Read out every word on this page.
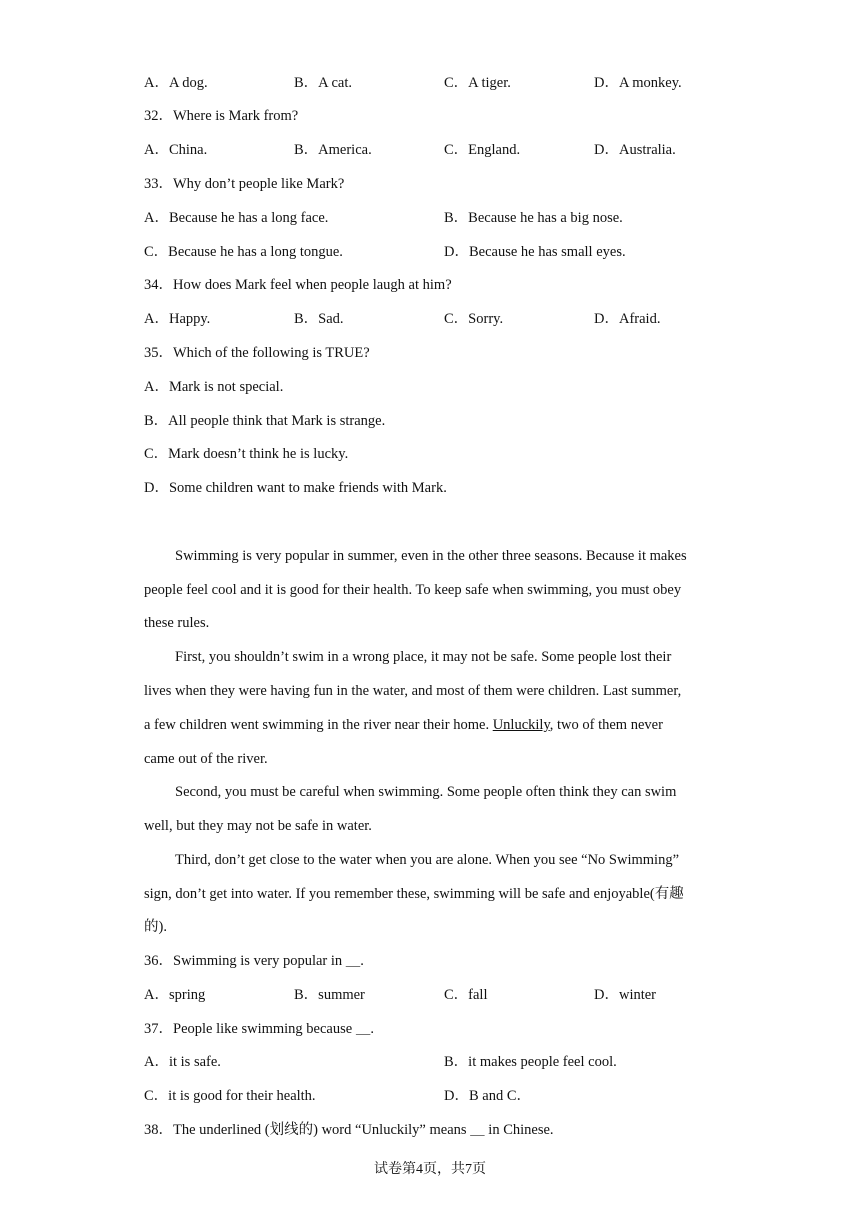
A．A dog.	B．A cat.	C．A tiger.	D．A monkey.
32．Where is Mark from?
A．China.	B．America.	C．England.	D．Australia.
33．Why don’t people like Mark?
A．Because he has a long face.	B．Because he has a big nose.
C．Because he has a long tongue.	D．Because he has small eyes.
34．How does Mark feel when people laugh at him?
A．Happy.	B．Sad.	C．Sorry.	D．Afraid.
35．Which of the following is TRUE?
A．Mark is not special.
B．All people think that Mark is strange.
C．Mark doesn’t think he is lucky.
D．Some children want to make friends with Mark.
Swimming is very popular in summer, even in the other three seasons. Because it makes
people feel cool and it is good for their health. To keep safe when swimming, you must obey
these rules.
First, you shouldn’t swim in a wrong place, it may not be safe. Some people lost their
lives when they were having fun in the water, and most of them were children. Last summer,
a few children went swimming in the river near their home. Unluckily, two of them never
came out of the river.
Second, you must be careful when swimming. Some people often think they can swim
well, but they may not be safe in water.
Third, don’t get close to the water when you are alone. When you see “No Swimming”
sign, don’t get into water. If you remember these, swimming will be safe and enjoyable(有趣
的).
36．Swimming is very popular in ＿.
A．spring	B．summer	C．fall	D．winter
37．People like swimming because ＿.
A．it is safe.	B．it makes people feel cool.
C．it is good for their health.	D．B and C．
38．The underlined (划线的) word “Unluckily” means ＿ in Chinese.
试卷第4页，共7页
